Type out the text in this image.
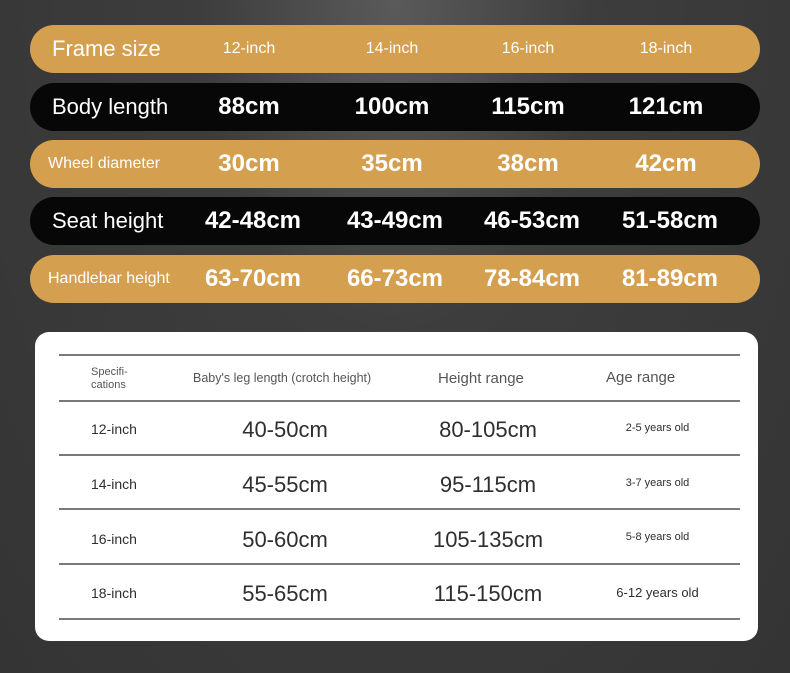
Frame size	12-inch	14-inch	16-inch	18-inch
Body length	88cm	100cm	115cm	121cm
Wheel diameter	30cm	35cm	38cm	42cm
Seat height	42-48cm	43-49cm	46-53cm	51-58cm
Handlebar height	63-70cm	66-73cm	78-84cm	81-89cm
Specifi-
cations	Baby's leg length (crotch height)	Height range	Age range
12-inch	40-50cm	80-105cm	2-5 years old
14-inch	45-55cm	95-115cm	3-7 years old
16-inch	50-60cm	105-135cm	5-8 years old
18-inch	55-65cm	115-150cm	6-12 years old
